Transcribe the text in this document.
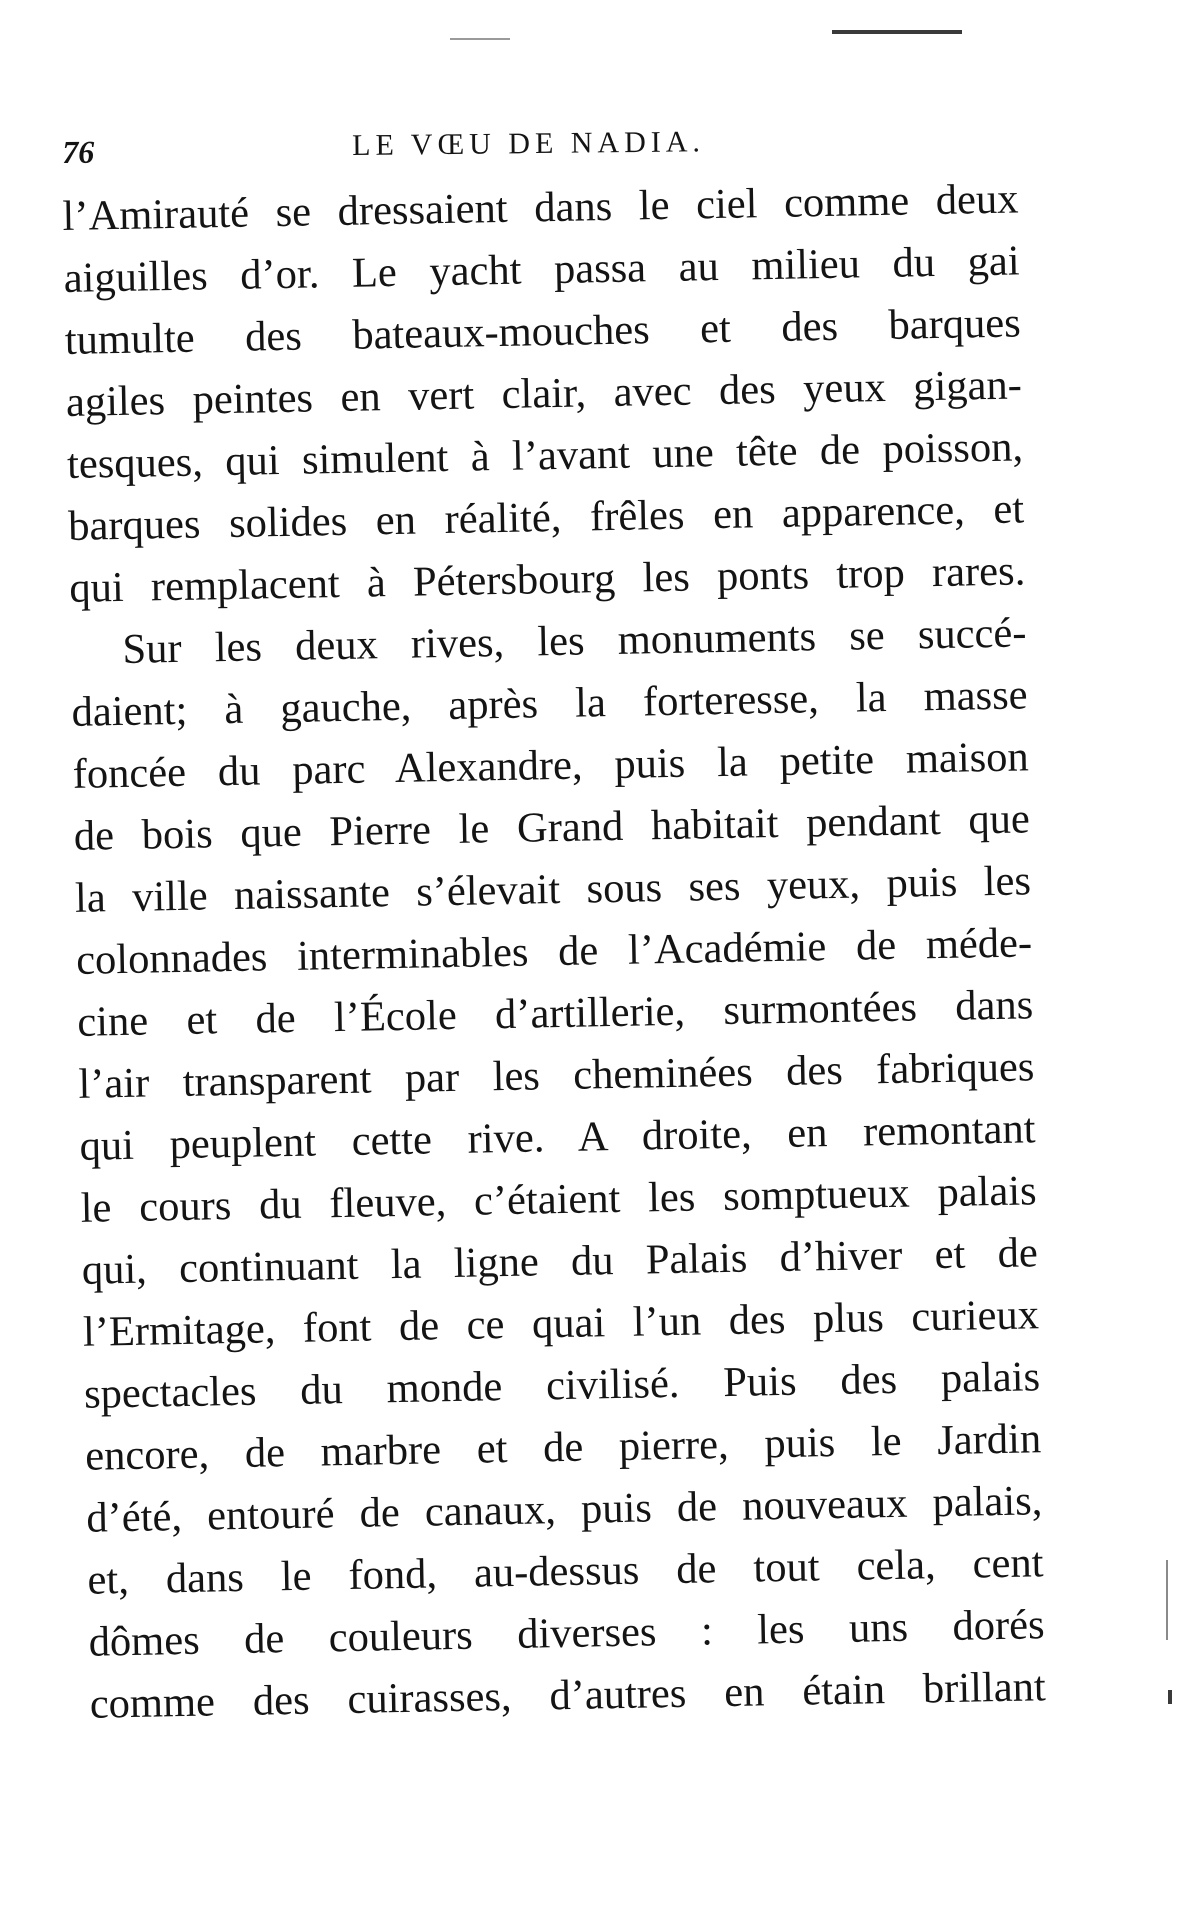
76	LE VŒU DE NADIA.
l’Amirauté se dressaient dans le ciel comme deux
aiguilles d’or. Le yacht passa au milieu du gai
tumulte des bateaux-mouches et des barques
agiles peintes en vert clair, avec des yeux gigan-
tesques, qui simulent à l’avant une tête de poisson,
barques solides en réalité, frêles en apparence, et
qui remplacent à Pétersbourg les ponts trop rares.
Sur les deux rives, les monuments se succé-
daient; à gauche, après la forteresse, la masse
foncée du parc Alexandre, puis la petite maison
de bois que Pierre le Grand habitait pendant que
la ville naissante s’élevait sous ses yeux, puis les
colonnades interminables de l’Académie de méde-
cine et de l’École d’artillerie, surmontées dans
l’air transparent par les cheminées des fabriques
qui peuplent cette rive. A droite, en remontant
le cours du fleuve, c’étaient les somptueux palais
qui, continuant la ligne du Palais d’hiver et de
l’Ermitage, font de ce quai l’un des plus curieux
spectacles du monde civilisé. Puis des palais
encore, de marbre et de pierre, puis le Jardin
d’été, entouré de canaux, puis de nouveaux palais,
et, dans le fond, au-dessus de tout cela, cent
dômes de couleurs diverses : les uns dorés
comme des cuirasses, d’autres en étain brillant
